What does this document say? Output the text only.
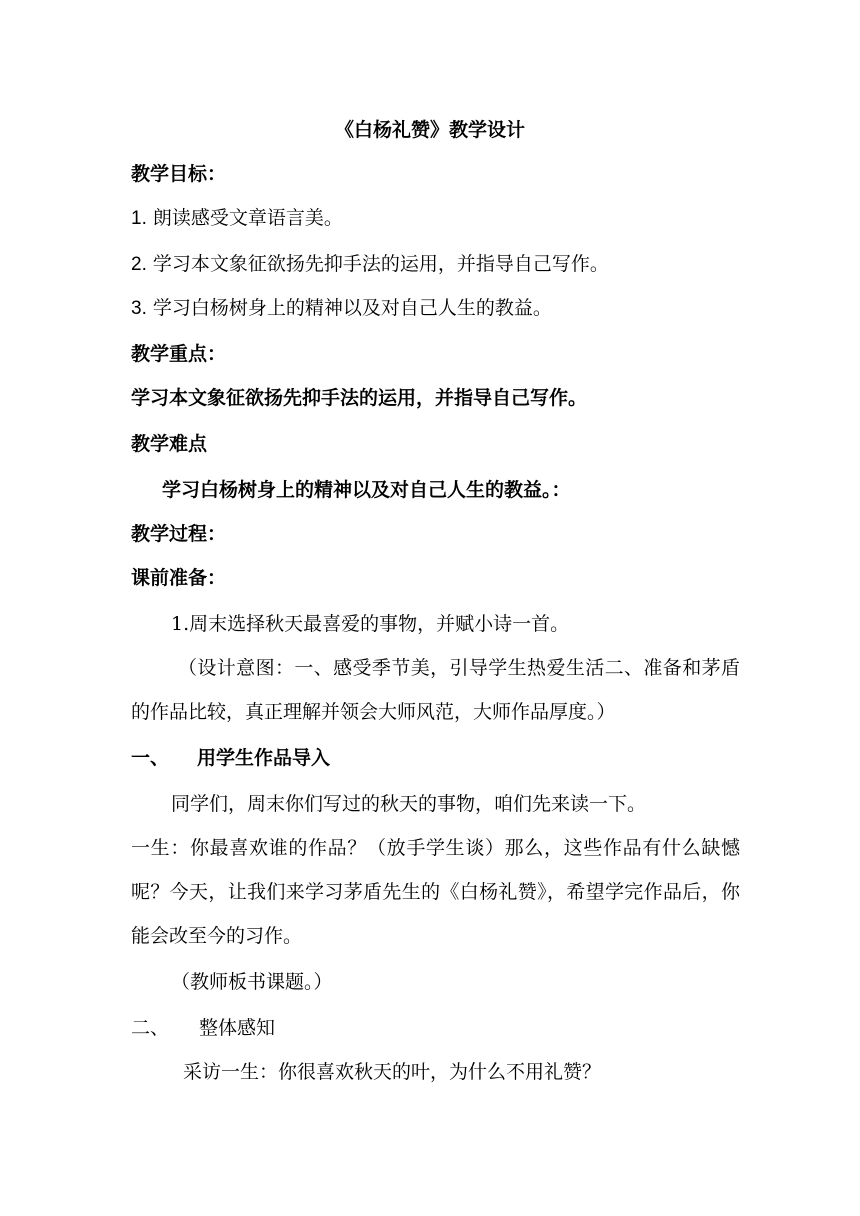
《白杨礼赞》教学设计
教学目标：
1. 朗读感受文章语言美。
2. 学习本文象征欲扬先抑手法的运用，并指导自己写作。
3. 学习白杨树身上的精神以及对自己人生的教益。
教学重点：
学习本文象征欲扬先抑手法的运用，并指导自己写作。
教学难点
学习白杨树身上的精神以及对自己人生的教益。：
教学过程：
课前准备：
1.周末选择秋天最喜爱的事物，并赋小诗一首。
（设计意图：一、感受季节美，引导学生热爱生活二、准备和茅盾的作品比较，真正理解并领会大师风范，大师作品厚度。）
一、 用学生作品导入
同学们，周末你们写过的秋天的事物，咱们先来读一下。
一生：你最喜欢谁的作品？（放手学生谈）那么，这些作品有什么缺憾呢？今天，让我们来学习茅盾先生的《白杨礼赞》，希望学完作品后，你能会改至今的习作。
（教师板书课题。）
二、 整体感知
采访一生：你很喜欢秋天的叶，为什么不用礼赞？
